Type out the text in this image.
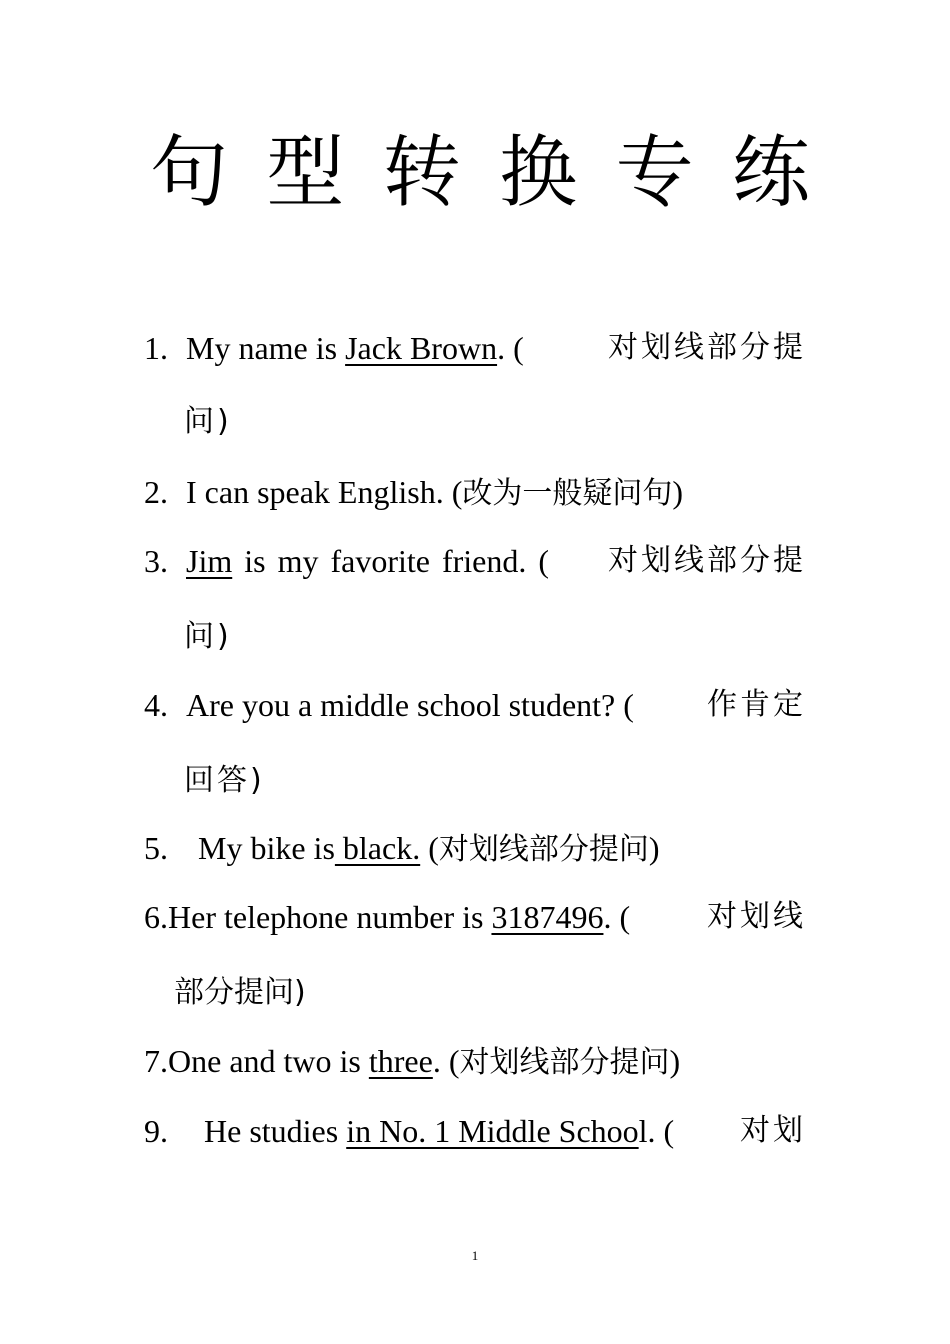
句 型 转 换 专 练
1. My name is Jack Brown. (	对划线部分提
问)
2. I can speak English. (改为一般疑问句)
3. Jim is my favorite friend. ( 对划线部分提
问)
4. Are you a middle school student? ( 作肯定
回答)
5. My bike is black. (对划线部分提问)
6.Her telephone number is 3187496. (	对划线
部分提问)
7.One and two is three. (对划线部分提问)
9. He studies in No. 1 Middle School. ( 对划
1
